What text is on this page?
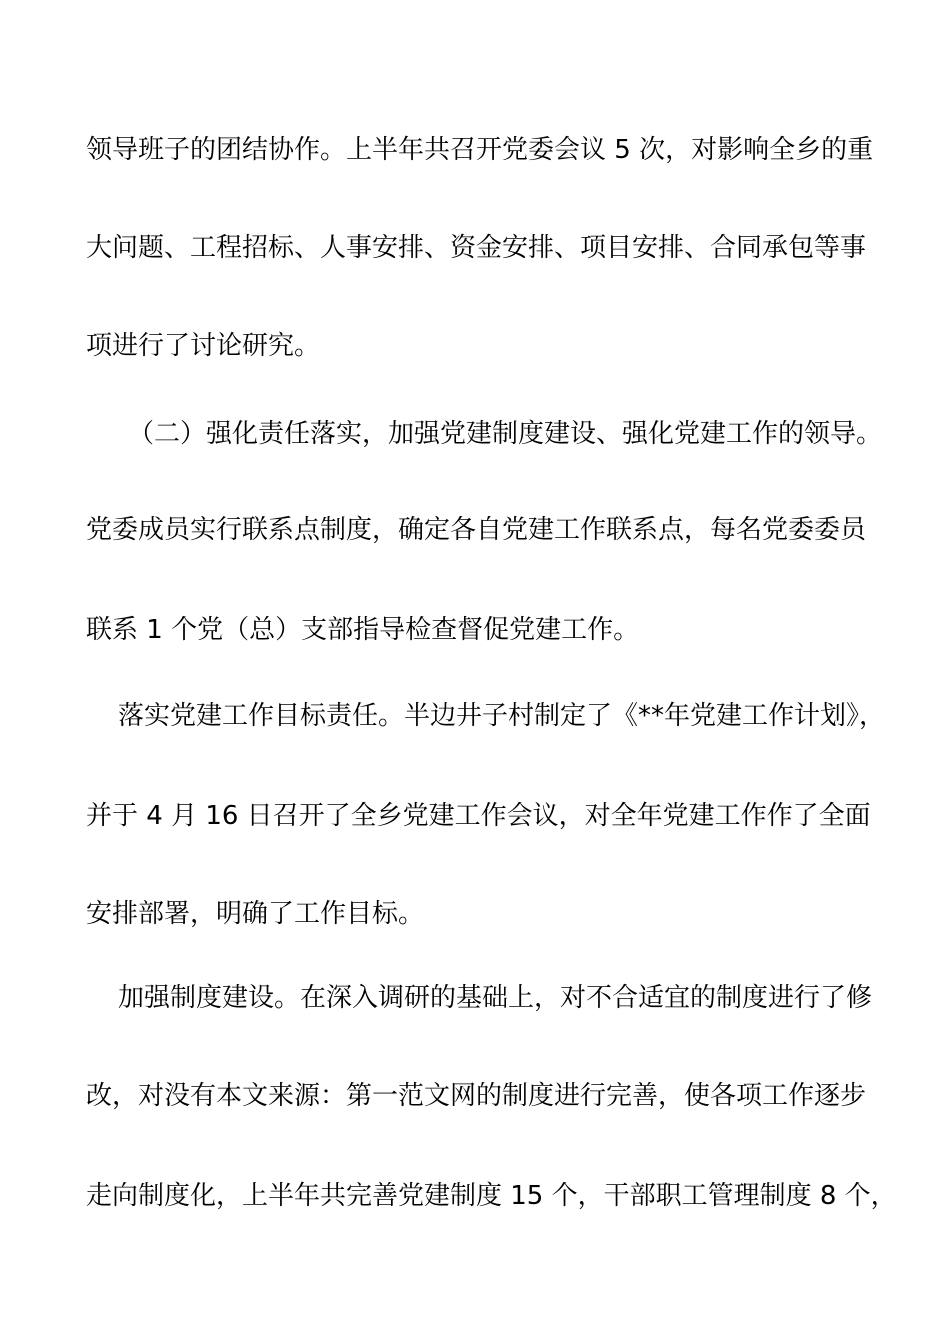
领导班子的团结协作。上半年共召开党委会议 5 次，对影响全乡的重
大问题、工程招标、人事安排、资金安排、项目安排、合同承包等事
项进行了讨论研究。
（二）强化责任落实，加强党建制度建设、强化党建工作的领导。
党委成员实行联系点制度，确定各自党建工作联系点，每名党委委员
联系 1 个党（总）支部指导检查督促党建工作。
落实党建工作目标责任。半边井子村制定了《**年党建工作计划》，
并于 4 月 16 日召开了全乡党建工作会议，对全年党建工作作了全面
安排部署，明确了工作目标。
加强制度建设。在深入调研的基础上，对不合适宜的制度进行了修
改，对没有本文来源：第一范文网的制度进行完善，使各项工作逐步
走向制度化，上半年共完善党建制度 15 个，干部职工管理制度 8 个，
